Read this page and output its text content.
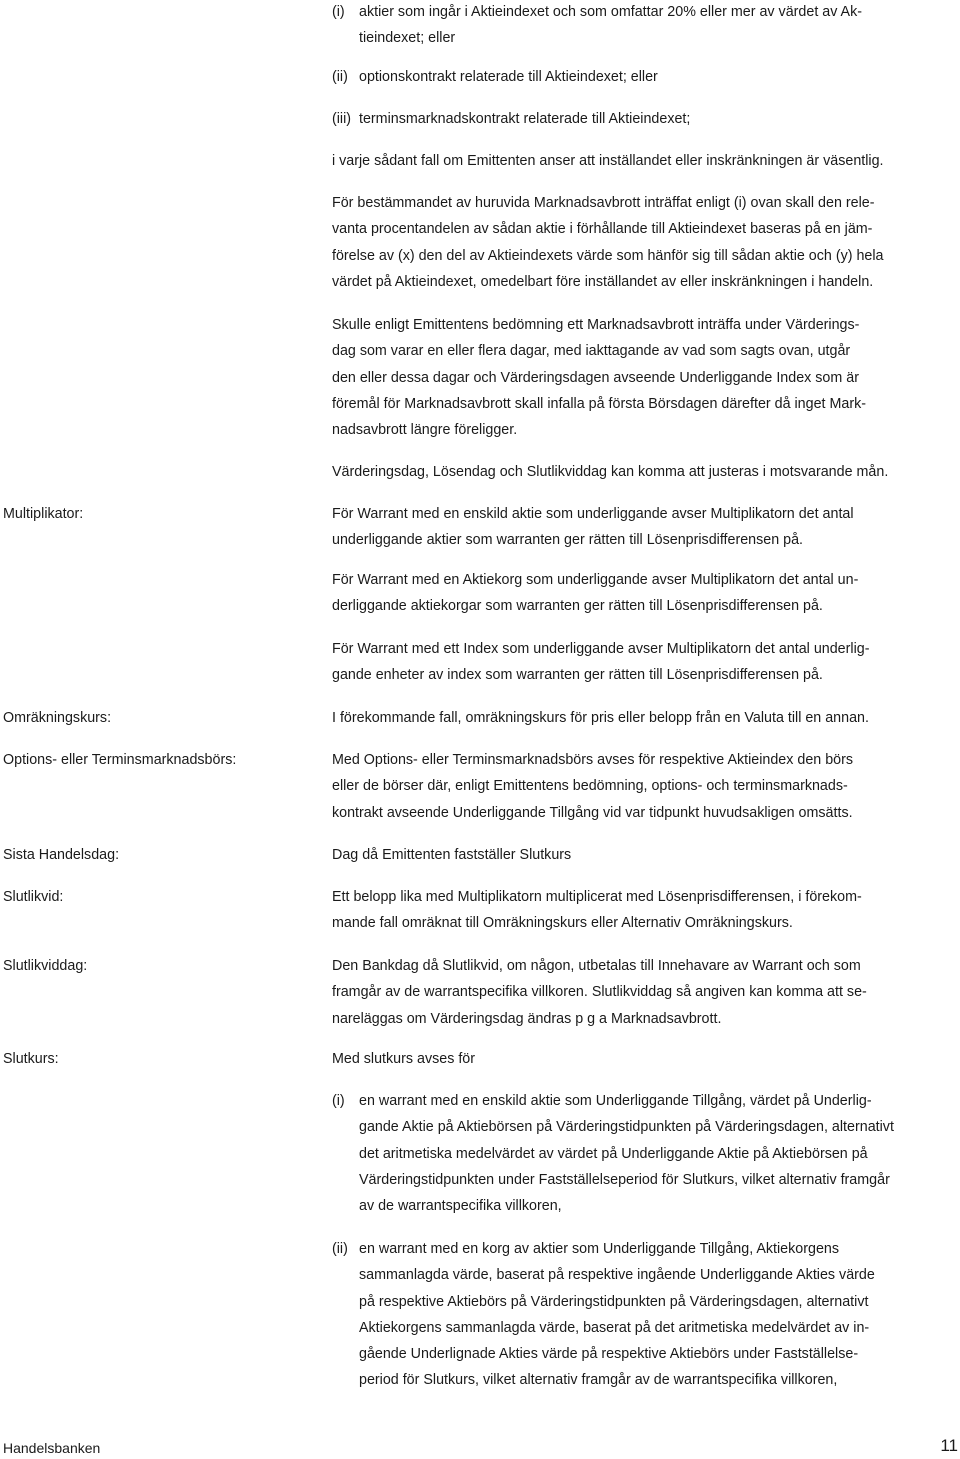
(i) aktier som ingår i Aktieindexet och som omfattar 20% eller mer av värdet av Ak-
tieindexet; eller
(ii) optionskontrakt relaterade till Aktieindexet; eller
(iii) terminsmarknadskontrakt relaterade till Aktieindexet;
i varje sådant fall om Emittenten anser att inställandet eller inskränkningen är väsentlig.
För bestämmandet av huruvida Marknadsavbrott inträffat enligt (i) ovan skall den rele-
vanta procentandelen av sådan aktie i förhållande till Aktieindexet baseras på en jäm-
förelse av (x) den del av Aktieindexets värde som hänför sig till sådan aktie och (y) hela
värdet på Aktieindexet, omedelbart före inställandet av eller inskränkningen i handeln.
Skulle enligt Emittentens bedömning ett Marknadsavbrott inträffa under Värderings-
dag som varar en eller flera dagar, med iakttagande av vad som sagts ovan, utgår
den eller dessa dagar och Värderingsdagen avseende Underliggande Index som är
föremål för Marknadsavbrott skall infalla på första Börsdagen därefter då inget Mark-
nadsavbrott längre föreligger.
Värderingsdag, Lösendag och Slutlikviddag kan komma att justeras i motsvarande mån.
Multiplikator:	För Warrant med en enskild aktie som underliggande avser Multiplikatorn det antal
underliggande aktier som warranten ger rätten till Lösenprisdifferensen på.
För Warrant med en Aktiekorg som underliggande avser Multiplikatorn det antal un-
derliggande aktiekorgar som warranten ger rätten till Lösenprisdifferensen på.
För Warrant med ett Index som underliggande avser Multiplikatorn det antal underlig-
gande enheter av index som warranten ger rätten till Lösenprisdifferensen på.
Omräkningskurs:	I förekommande fall, omräkningskurs för pris eller belopp från en Valuta till en annan.
Options- eller Terminsmarknadsbörs:	Med Options- eller Terminsmarknadsbörs avses för respektive Aktieindex den börs
eller de börser där, enligt Emittentens bedömning, options- och terminsmarknads-
kontrakt avseende Underliggande Tillgång vid var tidpunkt huvudsakligen omsätts.
Sista Handelsdag:	Dag då Emittenten fastställer Slutkurs
Slutlikvid:	Ett belopp lika med Multiplikatorn multiplicerat med Lösenprisdifferensen, i förekom-
mande fall omräknat till Omräkningskurs eller Alternativ Omräkningskurs.
Slutlikviddag:	Den Bankdag då Slutlikvid, om någon, utbetalas till Innehavare av Warrant och som
framgår av de warrantspecifika villkoren. Slutlikviddag så angiven kan komma att se-
nareläggas om Värderingsdag ändras p g a Marknadsavbrott.
Slutkurs:	Med slutkurs avses för
(i) en warrant med en enskild aktie som Underliggande Tillgång, värdet på Underlig-
gande Aktie på Aktiebörsen på Värderingstidpunkten på Värderingsdagen, alternativt
det aritmetiska medelvärdet av värdet på Underliggande Aktie på Aktiebörsen på
Värderingstidpunkten under Fastställelseperiod för Slutkurs, vilket alternativ framgår
av de warrantspecifika villkoren,
(ii) en warrant med en korg av aktier som Underliggande Tillgång, Aktiekorgens
sammanlagda värde, baserat på respektive ingående Underliggande Akties värde
på respektive Aktiebörs på Värderingstidpunkten på Värderingsdagen, alternativt
Aktiekorgens sammanlagda värde, baserat på det aritmetiska medelvärdet av in-
gående Underlignade Akties värde på respektive Aktiebörs under Fastställelse-
period för Slutkurs, vilket alternativ framgår av de warrantspecifika villkoren,
Handelsbanken	11
